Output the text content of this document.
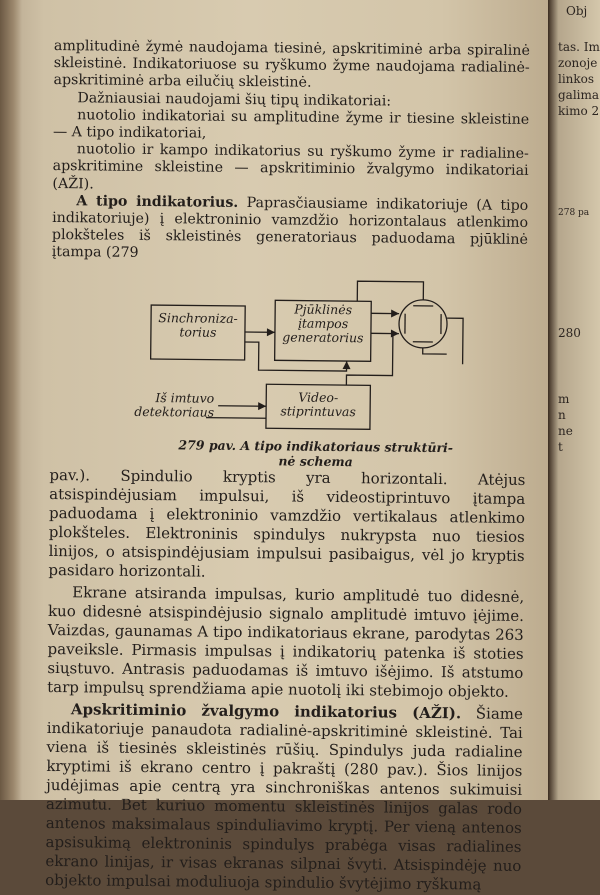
amplitudinė žymė naudojama tiesinė, apskritiminė arba spiralinė skleistinė. Indikatoriuose su ryškumo žyme naudojama radialinė-apskritiminė arba eilučių skleistinė.

Dažniausiai naudojami šių tipų indikatoriai:

nuotolio indikatoriai su amplitudine žyme ir tiesine skleistine — A tipo indikatoriai,

nuotolio ir kampo indikatorius su ryškumo žyme ir radialine-apskritimine skleistine — apskritiminio žvalgymo indikatoriai (AŽI).

A tipo indikatorius. Paprasčiausiame indikatoriuje (A tipo indikatoriuje) į elektroninio vamzdžio horizontalaus atlenkimo plokšteles iš skleistinės generatoriaus paduodama pjūklinė įtampa (279

Sinchroniza-
torius
Pjūklinės
įtampos
generatorius
Video-
stiprintuvas
Iš imtuvo
detektoriaus
279 pav. A tipo indikatoriaus struktūri-
nė schema

pav.). Spindulio kryptis yra horizontali. Atėjus atsispindėjusiam impulsui, iš videostiprintuvo įtampa paduodama į elektroninio vamzdžio vertikalaus atlenkimo plokšteles. Elektroninis spindulys nukrypsta nuo tiesios linijos, o atsispindėjusiam impulsui pasibaigus, vėl jo kryptis pasidaro horizontali.

Ekrane atsiranda impulsas, kurio amplitudė tuo didesnė, kuo didesnė atsispindėjusio signalo amplitudė imtuvo įėjime. Vaizdas, gaunamas A tipo indikatoriaus ekrane, parodytas 263 paveiksle. Pirmasis impulsas į indikatorių patenka iš stoties siųstuvo. Antrasis paduodamas iš imtuvo išėjimo. Iš atstumo tarp impulsų sprendžiama apie nuotolį iki stebimojo objekto.

Apskritiminio žvalgymo indikatorius (AŽI). Šiame indikatoriuje panaudota radialinė-apskritiminė skleistinė. Tai viena iš tiesinės skleistinės rūšių. Spindulys juda radialine kryptimi iš ekrano centro į pakraštį (280 pav.). Šios linijos judėjimas apie centrą yra sinchroniškas antenos sukimuisi azimutu. Bet kuriuo momentu skleistinės linijos galas rodo antenos maksimalaus spinduliavimo kryptį. Per vieną antenos apsisukimą elektroninis spindulys prabėga visas radialines ekrano linijas, ir visas ekranas silpnai švyti. Atsispindėję nuo objekto impulsai moduliuoja spindulio švytėjimo ryškumą

Obj
tas. Im
zonoje
linkos
galima
kimo 2
278 pa
280
m
n
ne
t
